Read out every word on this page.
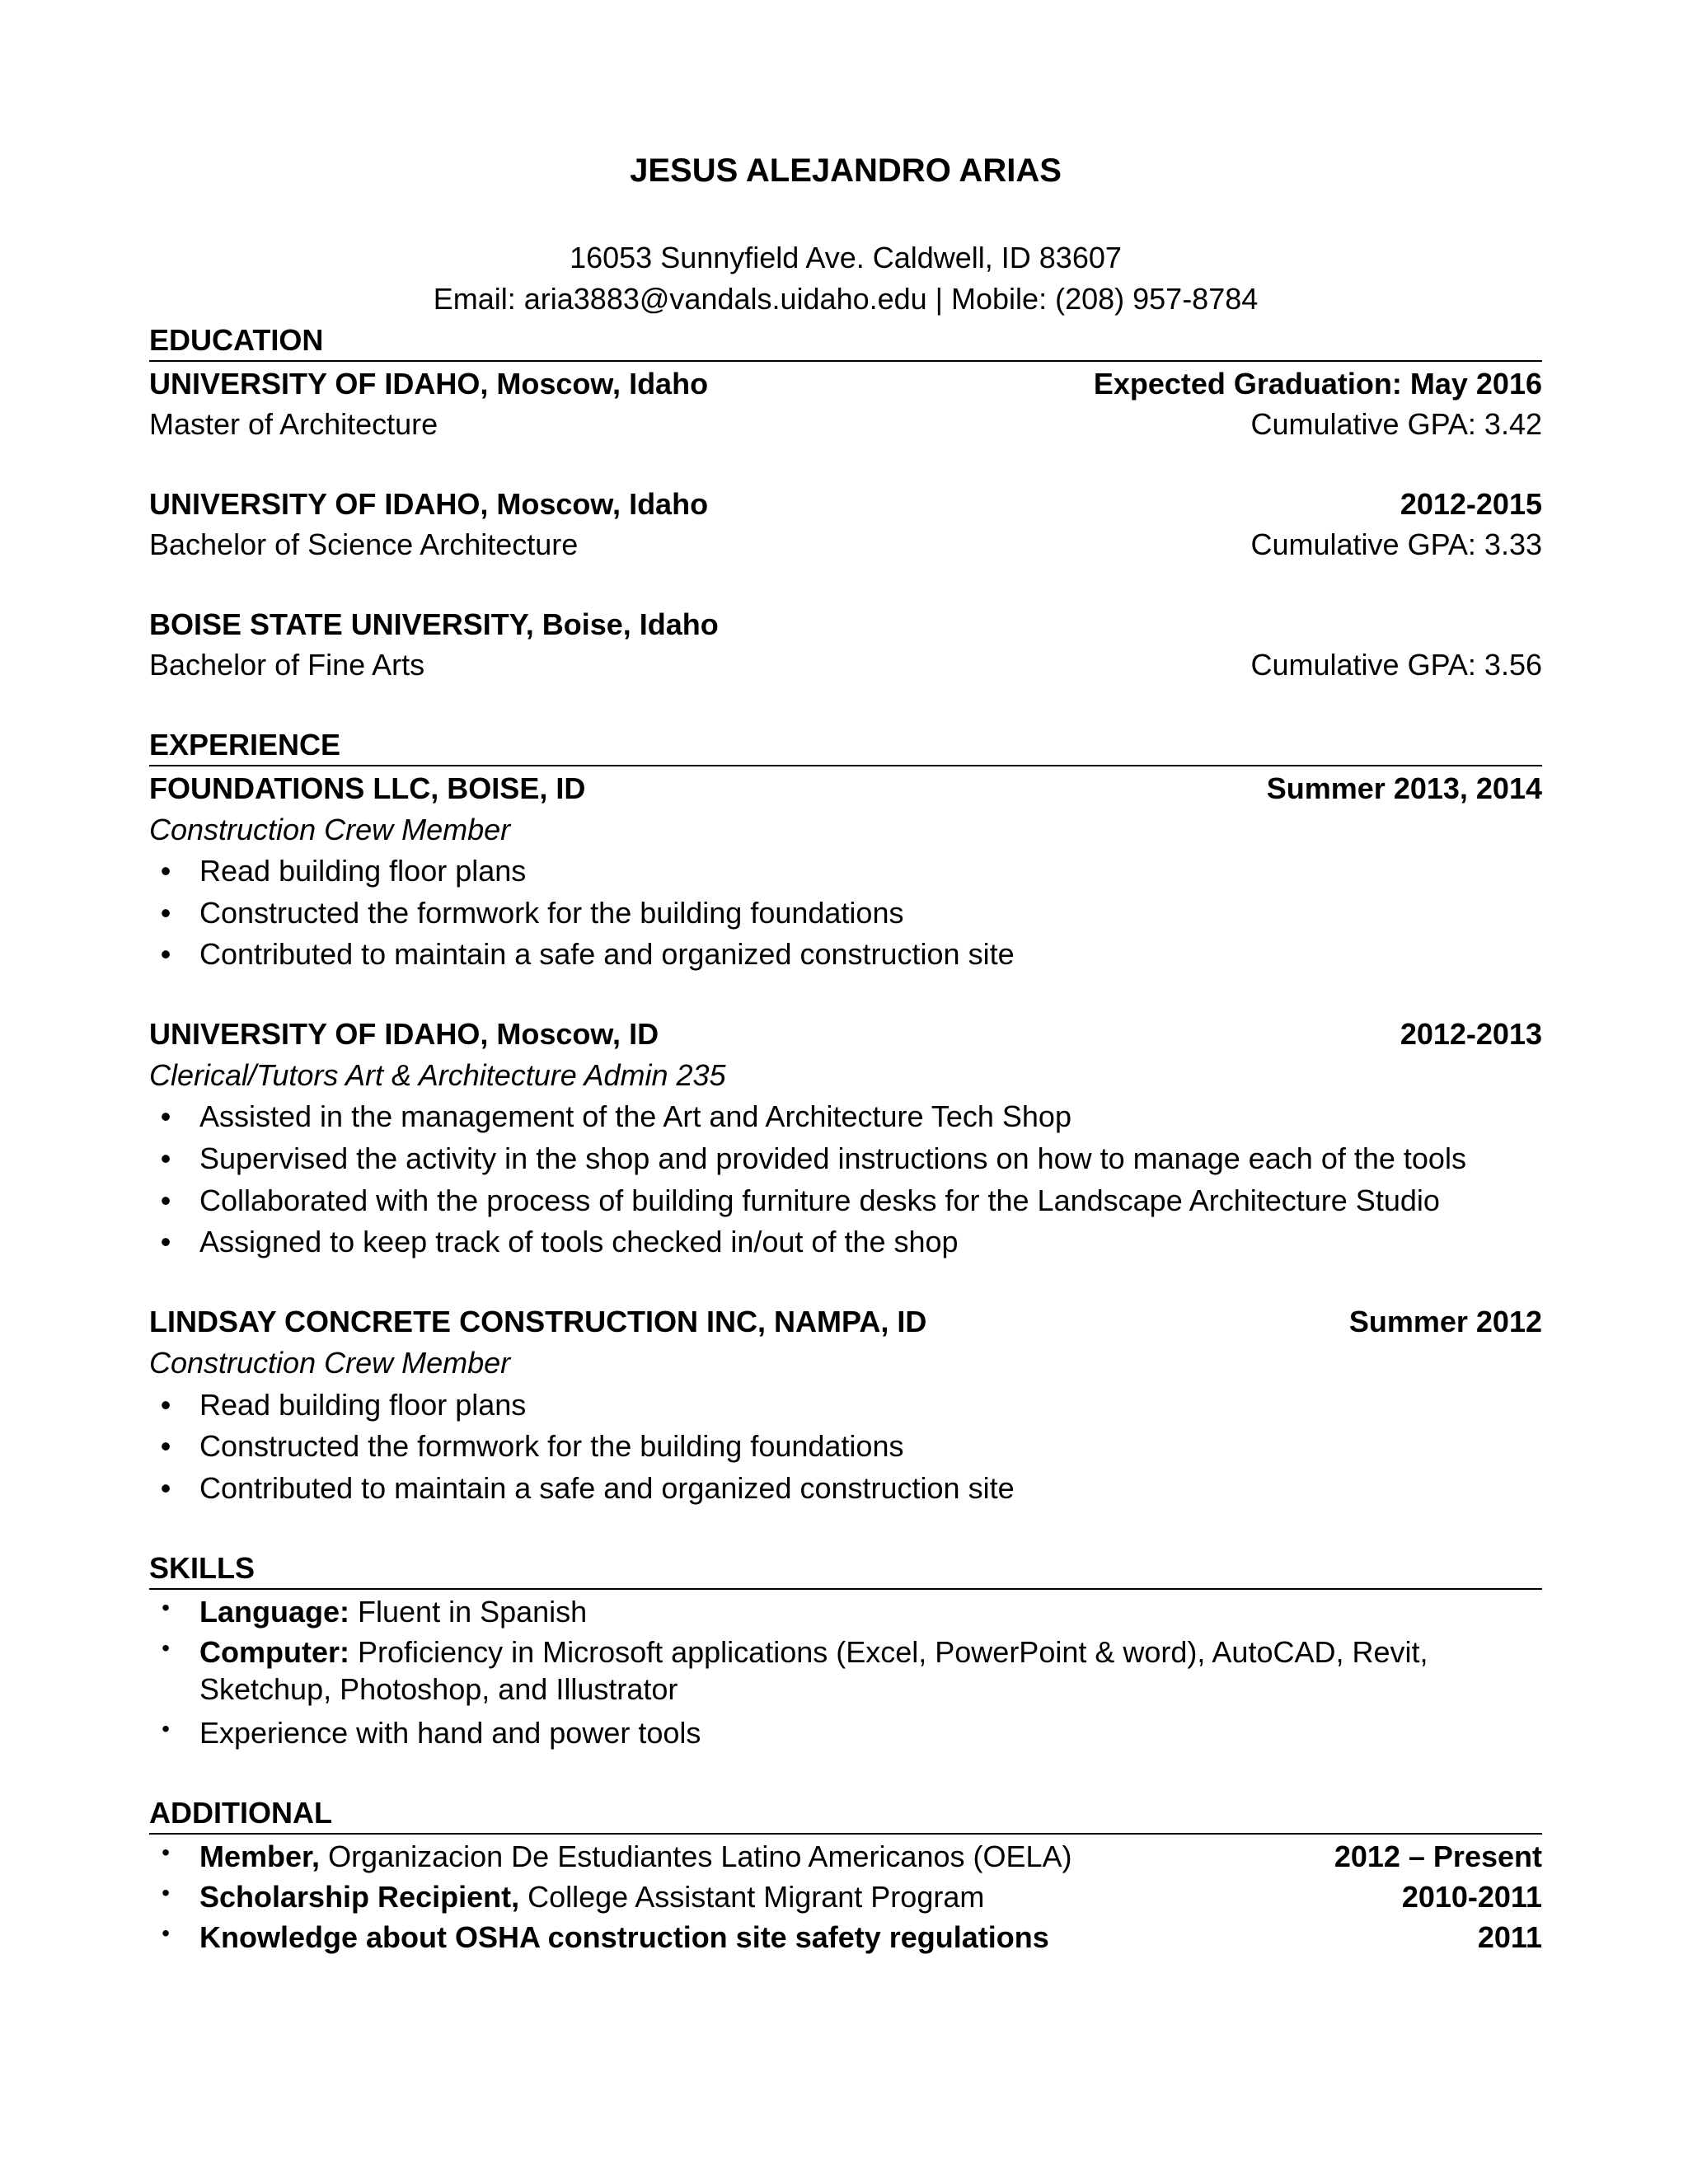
JESUS ALEJANDRO ARIAS
16053 Sunnyfield Ave. Caldwell, ID 83607
Email: aria3883@vandals.uidaho.edu | Mobile: (208) 957-8784
EDUCATION
UNIVERSITY OF IDAHO, Moscow, Idaho	Expected Graduation: May 2016
Master of Architecture	Cumulative GPA: 3.42
UNIVERSITY OF IDAHO, Moscow, Idaho	2012-2015
Bachelor of Science Architecture	Cumulative GPA: 3.33
BOISE STATE UNIVERSITY, Boise, Idaho
Bachelor of Fine Arts	Cumulative GPA: 3.56
EXPERIENCE
FOUNDATIONS LLC, BOISE, ID	Summer 2013, 2014
Construction Crew Member
• Read building floor plans
• Constructed the formwork for the building foundations
• Contributed to maintain a safe and organized construction site
UNIVERSITY OF IDAHO, Moscow, ID	2012-2013
Clerical/Tutors Art & Architecture Admin 235
• Assisted in the management of the Art and Architecture Tech Shop
• Supervised the activity in the shop and provided instructions on how to manage each of the tools
• Collaborated with the process of building furniture desks for the Landscape Architecture Studio
• Assigned to keep track of tools checked in/out of the shop
LINDSAY CONCRETE CONSTRUCTION INC, NAMPA, ID	Summer 2012
Construction Crew Member
• Read building floor plans
• Constructed the formwork for the building foundations
• Contributed to maintain a safe and organized construction site
SKILLS
• Language: Fluent in Spanish
• Computer: Proficiency in Microsoft applications (Excel, PowerPoint & word), AutoCAD, Revit, Sketchup, Photoshop, and Illustrator
• Experience with hand and power tools
ADDITIONAL
• Member, Organizacion De Estudiantes Latino Americanos (OELA)	2012 – Present
• Scholarship Recipient, College Assistant Migrant Program	2010-2011
• Knowledge about OSHA construction site safety regulations	2011
